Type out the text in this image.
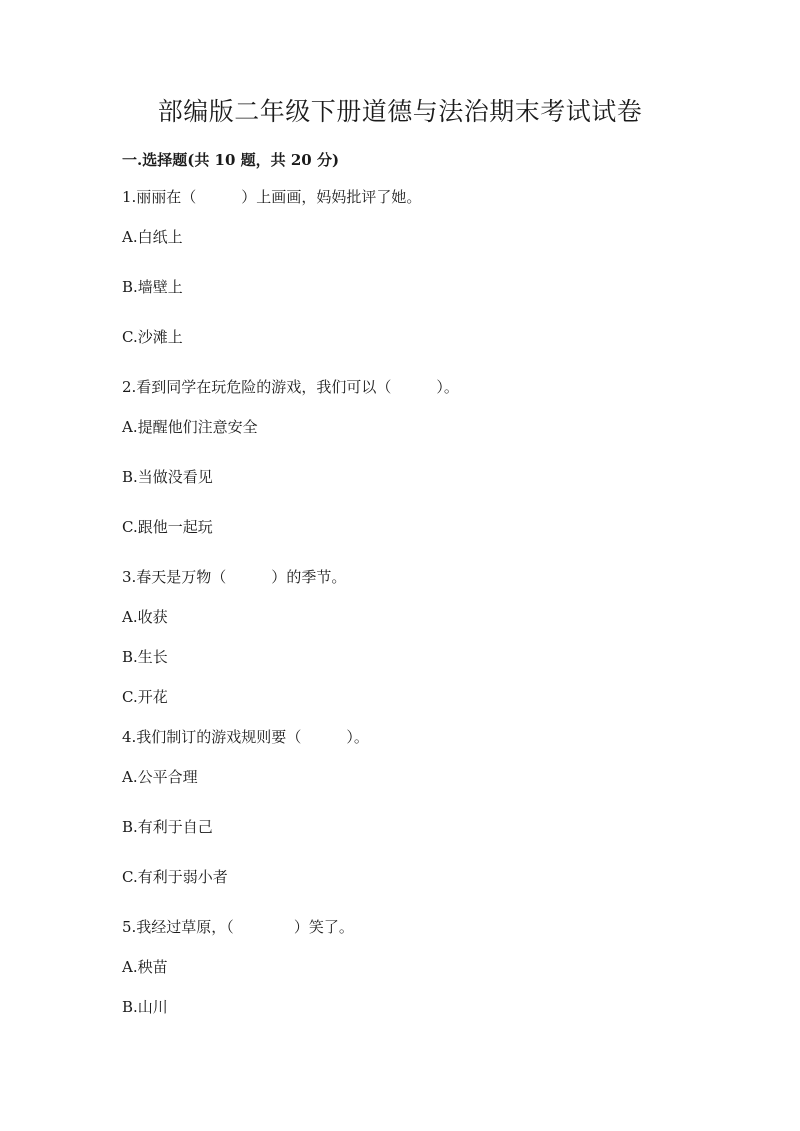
部编版二年级下册道德与法治期末考试试卷
一.选择题(共 10 题，共 20 分)
1.丽丽在（　　　）上画画，妈妈批评了她。
A.白纸上
B.墙壁上
C.沙滩上
2.看到同学在玩危险的游戏，我们可以（　　　）。
A.提醒他们注意安全
B.当做没看见
C.跟他一起玩
3.春天是万物（　　　）的季节。
A.收获
B.生长
C.开花
4.我们制订的游戏规则要（　　　）。
A.公平合理
B.有利于自己
C.有利于弱小者
5.我经过草原，（　　　　）笑了。
A.秧苗
B.山川
